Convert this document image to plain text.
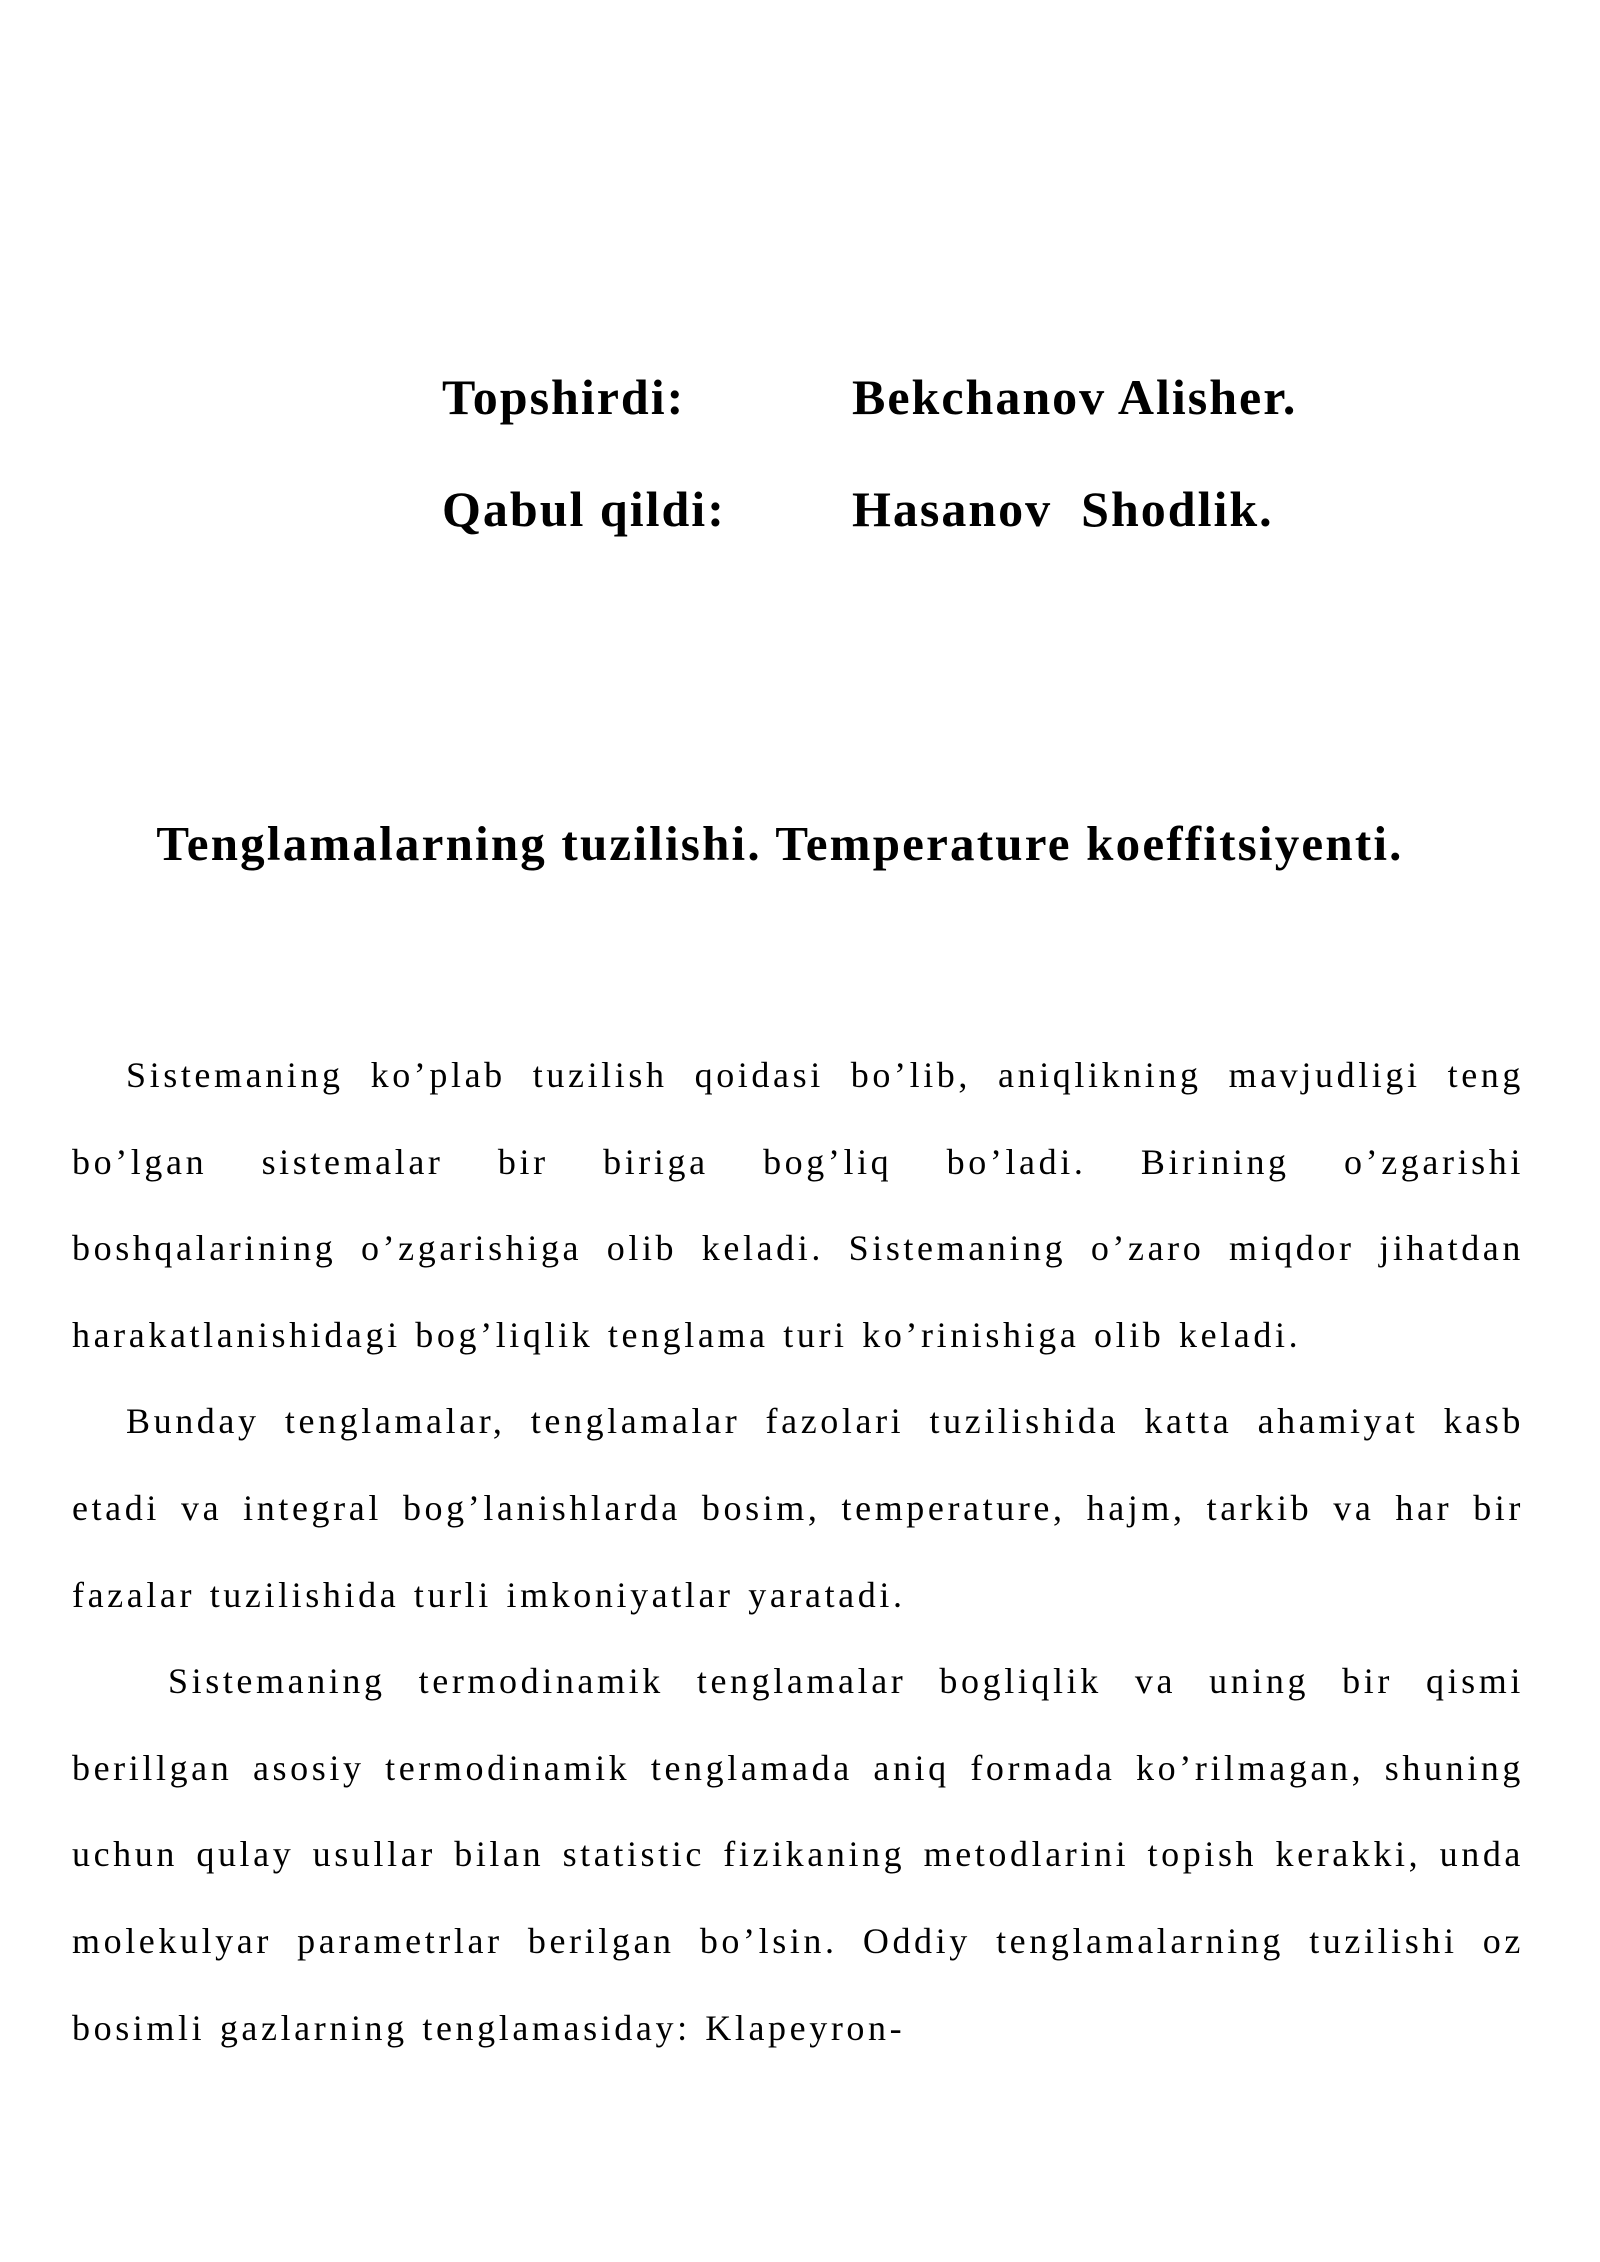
Topshirdi:	Bekchanov Alisher.
Qabul qildi:	Hasanov  Shodlik.
Tenglamalarning tuzilishi. Temperature koeffitsiyenti.

Sistemaning ko’plab tuzilish qoidasi bo’lib, aniqlikning mavjudligi teng bo’lgan sistemalar bir biriga bog’liq bo’ladi. Birining o’zgarishi boshqalarining o’zgarishiga olib keladi. Sistemaning o’zaro miqdor jihatdan harakatlanishidagi bog’liqlik tenglama turi ko’rinishiga olib keladi.

Bunday tenglamalar, tenglamalar fazolari tuzilishida katta ahamiyat kasb etadi va integral bog’lanishlarda bosim, temperature, hajm, tarkib va har bir fazalar tuzilishida turli imkoniyatlar yaratadi.

Sistemaning termodinamik tenglamalar bogliqlik va uning bir qismi berillgan asosiy termodinamik tenglamada aniq formada ko’rilmagan, shuning uchun qulay usullar bilan statistic fizikaning metodlarini topish kerakki, unda molekulyar parametrlar berilgan bo’lsin. Oddiy tenglamalarning tuzilishi oz bosimli gazlarning tenglamasiday: Klapeyron-
